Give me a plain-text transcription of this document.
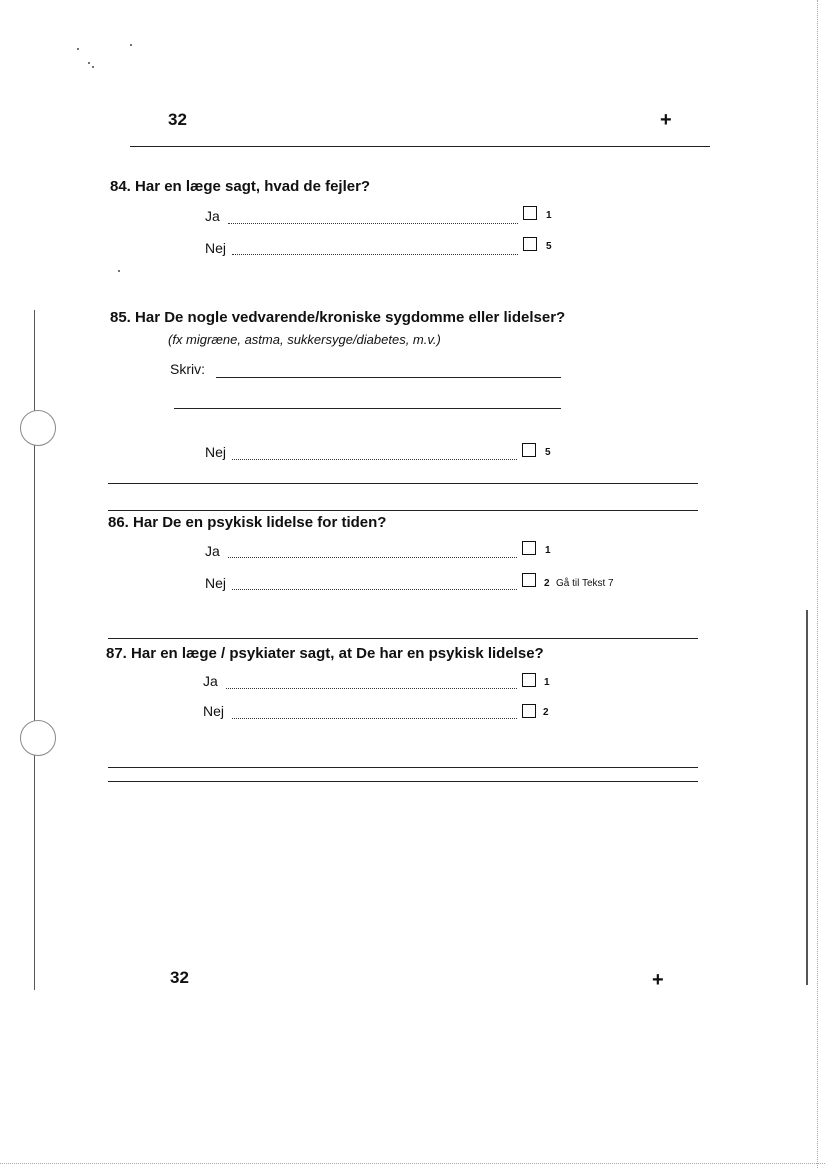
32	+
84. Har en læge sagt, hvad de fejler?
Ja	1
Nej	5
85. Har De nogle vedvarende/kroniske sygdomme eller lidelser?
(fx migræne, astma, sukkersyge/diabetes, m.v.)
Skriv:
Nej	5
86. Har De en psykisk lidelse for tiden?
Ja	1
Nej	2 Gå til Tekst 7
87. Har en læge / psykiater sagt, at De har en psykisk lidelse?
Ja	1
Nej	2
32	+
